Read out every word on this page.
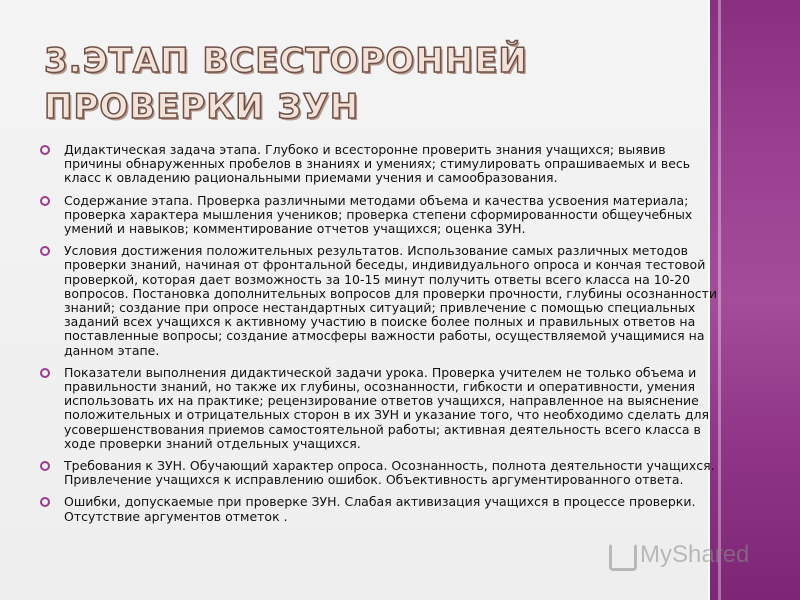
3.ЭТАП ВСЕСТОРОННЕЙ
ПРОВЕРКИ ЗУН
Дидактическая задача этапа. Глубоко и всесторонне проверить знания учащихся; выявив причины обнаруженных пробелов в знаниях и умениях; стимулировать опрашиваемых и весь класс к овладению рациональными приемами учения и самообразования.
Содержание этапа. Проверка различными методами объема и качества усвоения материала; проверка характера мышления учеников; проверка степени сформированности общеучебных умений и навыков; комментирование отчетов учащихся; оценка ЗУН.
Условия достижения положительных результатов. Использование самых различных методов проверки знаний, начиная от фронтальной беседы, индивидуального опроса и кончая тестовой проверкой, которая дает возможность за 10-15 минут получить ответы всего класса на 10-20 вопросов. Постановка дополнительных вопросов для проверки прочности, глубины осознанности знаний; создание при опросе нестандартных ситуаций; привлечение с помощью специальных заданий всех учащихся к активному участию в поиске более полных и правильных ответов на поставленные вопросы; создание атмосферы важности работы, осуществляемой учащимися на данном этапе.
Показатели выполнения дидактической задачи урока. Проверка учителем не только объема и правильности знаний, но также их глубины, осознанности, гибкости и оперативности, умения использовать их на практике; рецензирование ответов учащихся, направленное на выяснение положительных и отрицательных сторон в их ЗУН и указание того, что необходимо сделать для усовершенствования приемов самостоятельной работы; активная деятельность всего класса в ходе проверки знаний отдельных учащихся.
Требования к ЗУН. Обучающий характер опроса. Осознанность, полнота деятельности учащихся. Привлечение учащихся к исправлению ошибок. Объективность аргументированного ответа.
Ошибки, допускаемые при проверке ЗУН. Слабая активизация учащихся в процессе проверки. Отсутствие аргументов отметок .
MyShared
